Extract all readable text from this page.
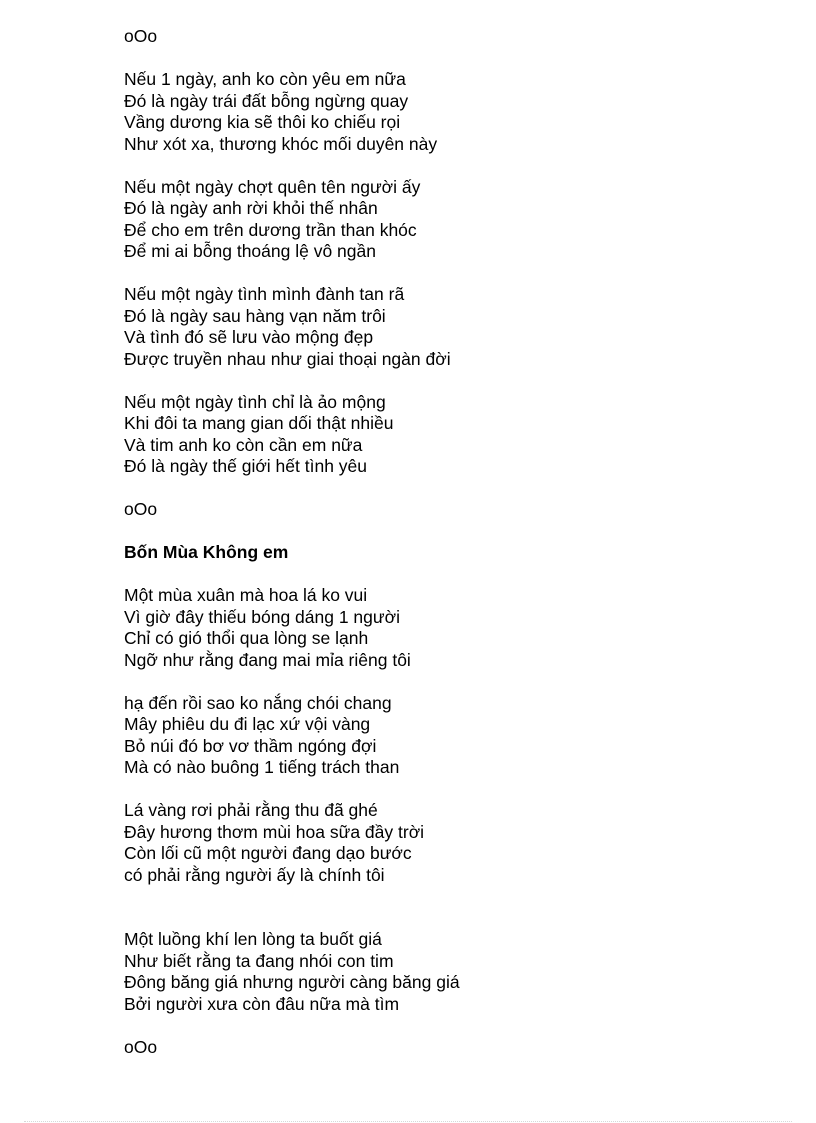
oOo
Nếu 1 ngày, anh ko còn yêu em nữa
Đó là ngày trái đất bỗng ngừng quay
Vầng dương kia sẽ thôi ko chiếu rọi
Như xót xa, thương khóc mối duyên này
Nếu một ngày chợt quên tên người ấy
Đó là ngày anh rời khỏi thế nhân
Để cho em trên dương trần than khóc
Để mi ai bỗng thoáng lệ vô ngần
Nếu một ngày tình mình đành tan rã
Đó là ngày sau hàng vạn năm trôi
Và tình đó sẽ lưu vào mộng đẹp
Được truyền nhau như giai thoại ngàn đời
Nếu một ngày tình chỉ là ảo mộng
Khi đôi ta mang gian dối thật nhiều
Và tim anh ko còn cần em nữa
Đó là ngày thế giới hết tình yêu
oOo
Bốn Mùa Không em
Một mùa xuân mà hoa lá ko vui
Vì giờ đây thiếu bóng dáng 1 người
Chỉ có gió thổi qua lòng se lạnh
Ngỡ như rằng đang mai mỉa riêng tôi
hạ đến rồi sao ko nắng chói chang
Mây phiêu du đi lạc xứ vội vàng
Bỏ núi đó bơ vơ thầm ngóng đợi
Mà có nào buông 1 tiếng trách than
Lá vàng rơi phải rằng thu đã ghé
Đây hương thơm mùi hoa sữa đầy trời
Còn lối cũ một người đang dạo bước
có phải rằng người ấy là chính tôi
Một luồng khí len lòng ta buốt giá
Như biết rằng ta đang nhói con tim
Đông băng giá nhưng người càng băng giá
Bởi người xưa còn đâu nữa mà tìm
oOo
